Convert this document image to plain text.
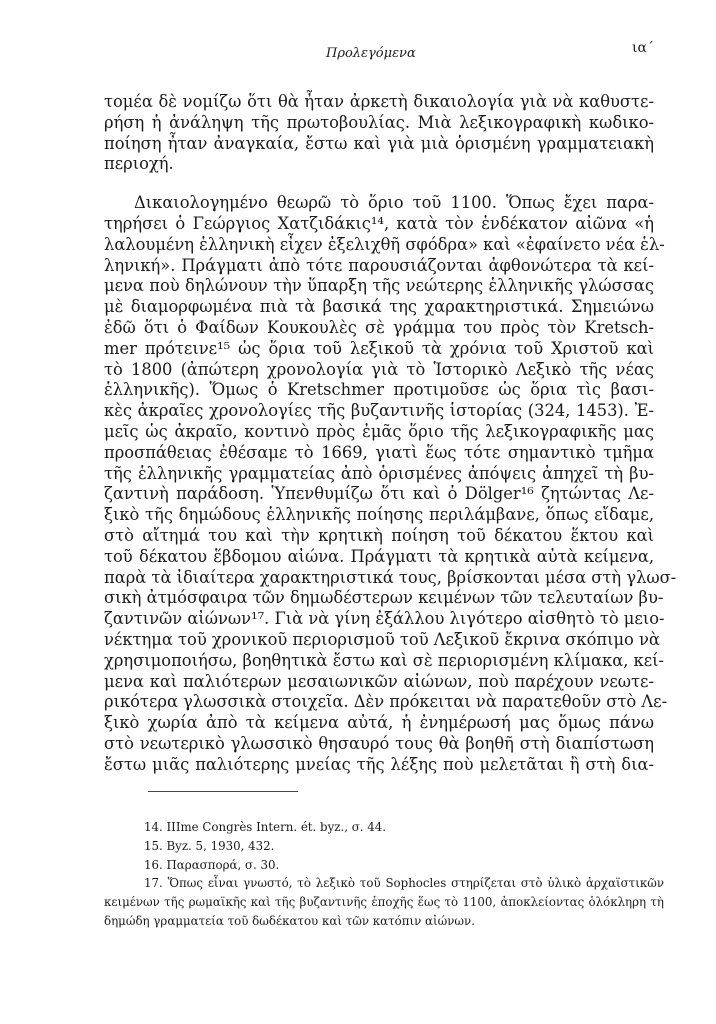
Προλεγόμενα	ια΄
τομέα δὲ νομίζω ὅτι θὰ ἦταν ἀρκετὴ δικαιολογία γιὰ νὰ καθυστε-
ρήση ἡ ἀνάληψη τῆς πρωτοβουλίας. Μιὰ λεξικογραφικὴ κωδικο-
ποίηση ἦταν ἀναγκαία, ἔστω καὶ γιὰ μιὰ ὁρισμένη γραμματειακὴ
περιοχή.
Δικαιολογημένο θεωρῶ τὸ ὅριο τοῦ 1100. Ὅπως ἔχει παρα-
τηρήσει ὁ Γεώργιος Χατζιδάκις¹⁴, κατὰ τὸν ἑνδέκατον αἰῶνα «ἡ
λαλουμένη ἑλληνικὴ εἶχεν ἐξελιχθῆ σφόδρα» καὶ «ἐφαίνετο νέα ἑλ-
ληνική». Πράγματι ἀπὸ τότε παρουσιάζονται ἀφθονώτερα τὰ κεί-
μενα ποὺ δηλώνουν τὴν ὕπαρξη τῆς νεώτερης ἑλληνικῆς γλώσσας
μὲ διαμορφωμένα πιὰ τὰ βασικά της χαρακτηριστικά. Σημειώνω
ἐδῶ ὅτι ὁ Φαίδων Κουκουλὲς σὲ γράμμα του πρὸς τὸν Kretsch-
mer πρότεινε¹⁵ ὡς ὅρια τοῦ λεξικοῦ τὰ χρόνια τοῦ Χριστοῦ καὶ
τὸ 1800 (ἀπώτερη χρονολογία γιὰ τὸ Ἱστορικὸ Λεξικὸ τῆς νέας
ἑλληνικῆς). Ὅμως ὁ Kretschmer προτιμοῦσε ὡς ὅρια τὶς βασι-
κὲς ἀκραῖες χρονολογίες τῆς βυζαντινῆς ἱστορίας (324, 1453). Ἐ-
μεῖς ὡς ἀκραῖο, κοντινὸ πρὸς ἐμᾶς ὅριο τῆς λεξικογραφικῆς μας
προσπάθειας ἐθέσαμε τὸ 1669, γιατὶ ἕως τότε σημαντικὸ τμῆμα
τῆς ἑλληνικῆς γραμματείας ἀπὸ ὁρισμένες ἀπόψεις ἀπηχεῖ τὴ βυ-
ζαντινὴ παράδοση. Ὑπενθυμίζω ὅτι καὶ ὁ Dölger¹⁶ ζητώντας Λε-
ξικὸ τῆς δημώδους ἑλληνικῆς ποίησης περιλάμβανε, ὅπως εἴδαμε,
στὸ αἴτημά του καὶ τὴν κρητικὴ ποίηση τοῦ δέκατου ἕκτου καὶ
τοῦ δέκατου ἕβδομου αἰώνα. Πράγματι τὰ κρητικὰ αὐτὰ κείμενα,
παρὰ τὰ ἰδιαίτερα χαρακτηριστικά τους, βρίσκονται μέσα στὴ γλωσ-
σικὴ ἀτμόσφαιρα τῶν δημωδέστερων κειμένων τῶν τελευταίων βυ-
ζαντινῶν αἰώνων¹⁷. Γιὰ νὰ γίνη ἐξάλλου λιγότερο αἰσθητὸ τὸ μειο-
νέκτημα τοῦ χρονικοῦ περιορισμοῦ τοῦ Λεξικοῦ ἔκρινα σκόπιμο νὰ
χρησιμοποιήσω, βοηθητικὰ ἔστω καὶ σὲ περιορισμένη κλίμακα, κεί-
μενα καὶ παλιότερων μεσαιωνικῶν αἰώνων, ποὺ παρέχουν νεωτε-
ρικότερα γλωσσικὰ στοιχεῖα. Δὲν πρόκειται νὰ παρατεθοῦν στὸ Λε-
ξικὸ χωρία ἀπὸ τὰ κείμενα αὐτά, ἡ ἐνημέρωσή μας ὅμως πάνω
στὸ νεωτερικὸ γλωσσικὸ θησαυρό τους θὰ βοηθῆ στὴ διαπίστωση
ἔστω μιᾶς παλιότερης μνείας τῆς λέξης ποὺ μελετᾶται ἢ στὴ δια-
14. IIIme Congrès Intern. ét. byz., σ. 44.
15. Byz. 5, 1930, 432.
16. Παρασπορά, σ. 30.
17. Ὅπως εἶναι γνωστό, τὸ λεξικὸ τοῦ Sophocles στηρίζεται στὸ ὑλικὸ ἀρχαϊστικῶν
κειμένων τῆς ρωμαϊκῆς καὶ τῆς βυζαντινῆς ἐποχῆς ἕως τὸ 1100, ἀποκλείοντας ὁλόκληρη τὴ
δημώδη γραμματεία τοῦ δωδέκατου καὶ τῶν κατόπιν αἰώνων.
